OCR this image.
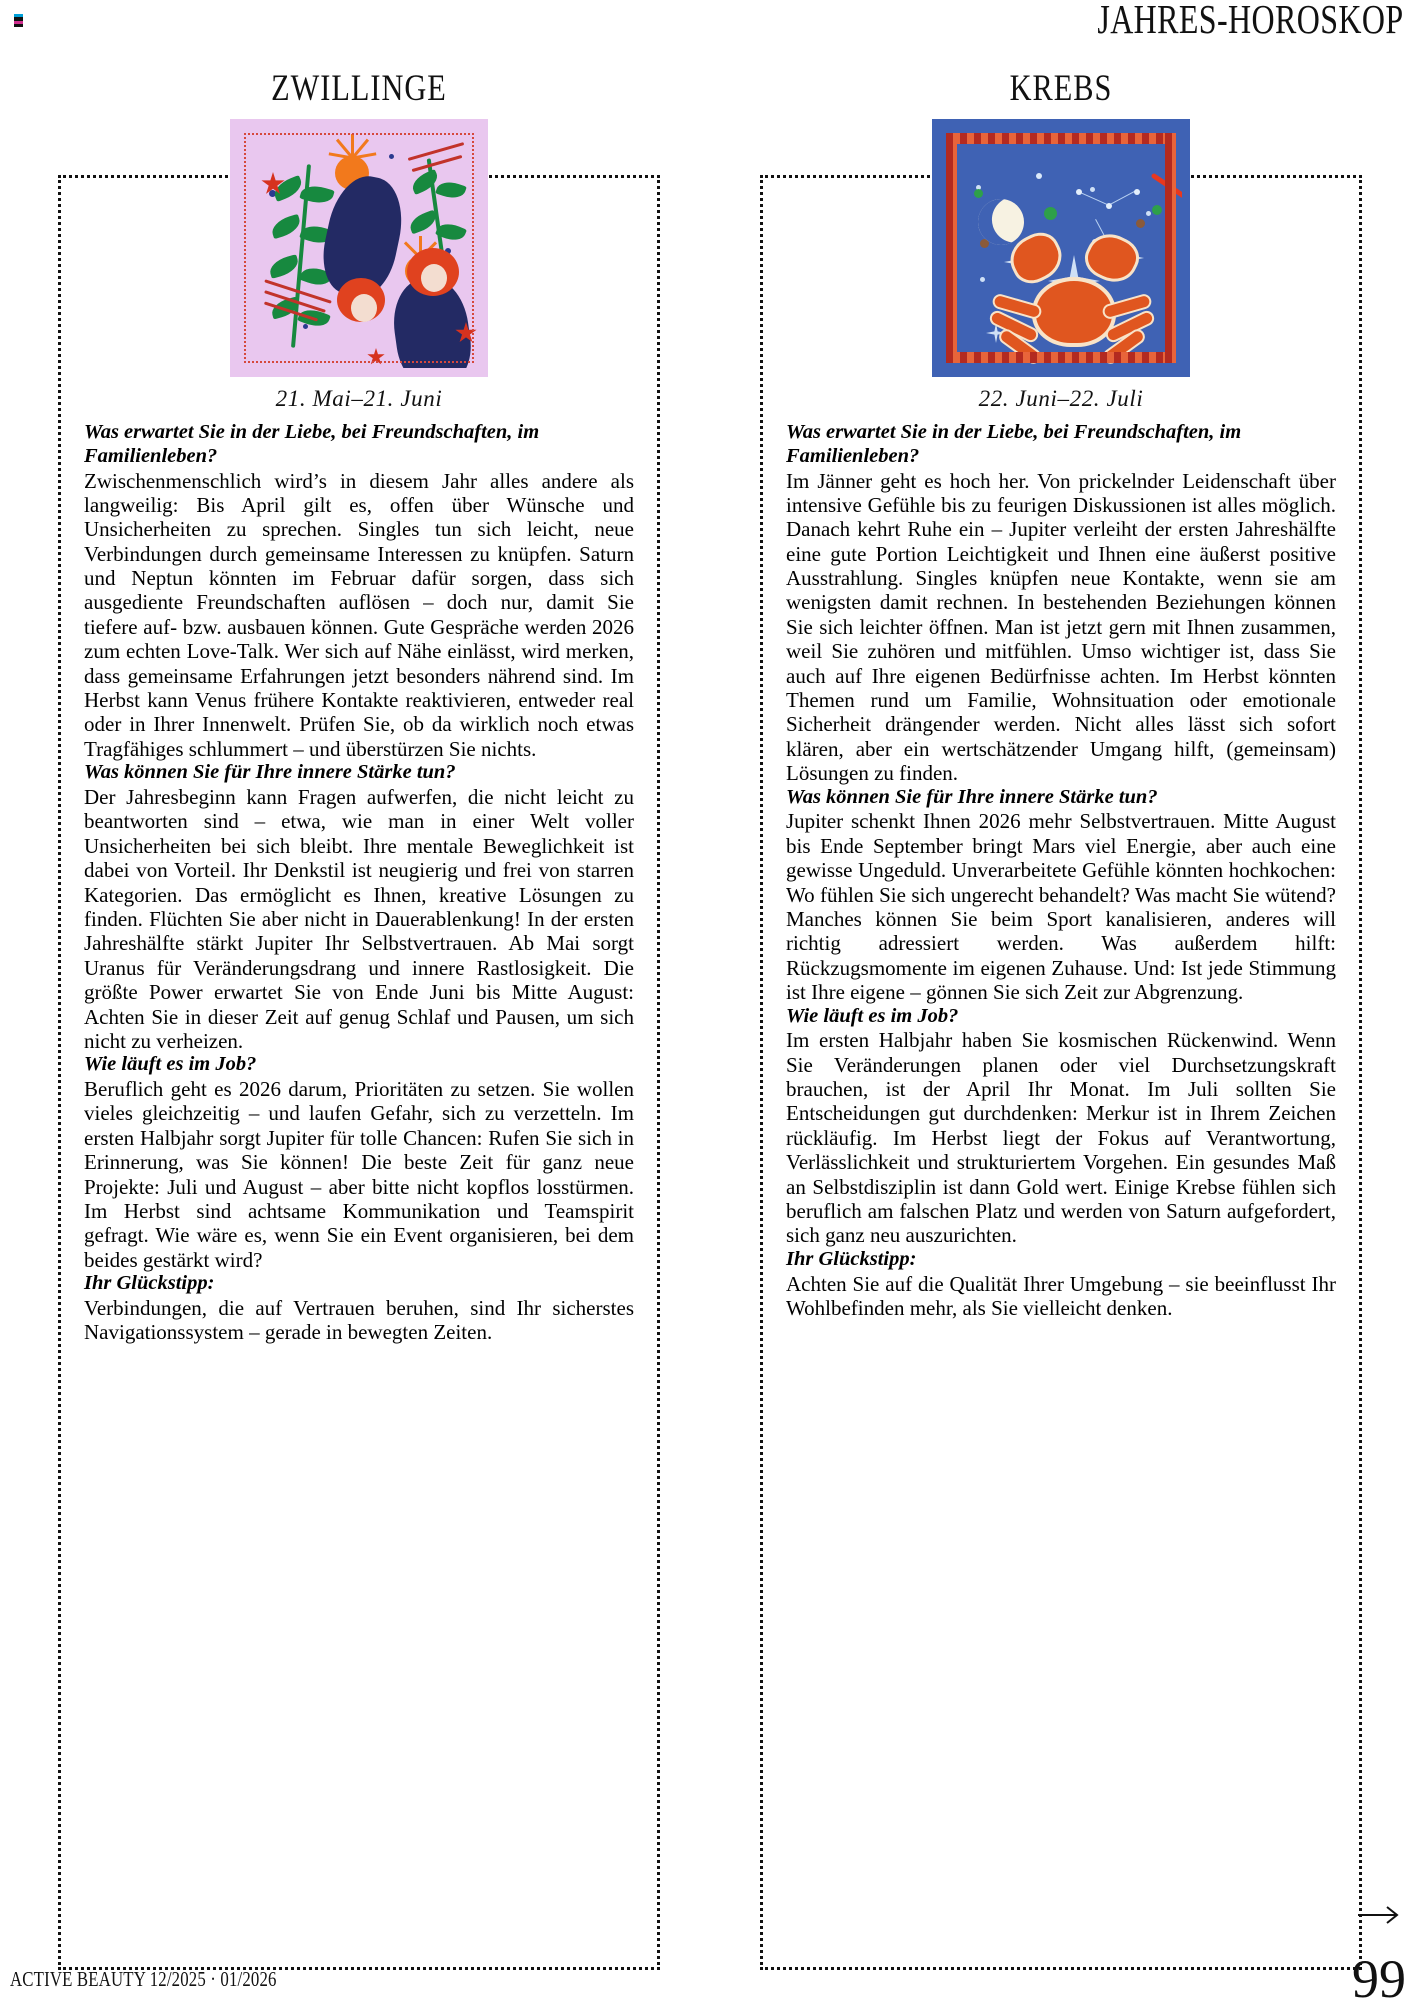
JAHRES-HOROSKOP
ZWILLINGE
21. Mai–21. Juni

Was erwartet Sie in der Liebe, bei Freundschaften, im Familienleben?

Zwischenmenschlich wird’s in diesem Jahr alles andere als langweilig: Bis April gilt es, offen über Wünsche und Unsicherheiten zu sprechen. Singles tun sich leicht, neue Verbindungen durch gemeinsame Interessen zu knüpfen. Saturn und Neptun könnten im Februar dafür sorgen, dass sich ausgediente Freundschaften auflösen – doch nur, damit Sie tiefere auf- bzw. ausbauen können. Gute Gespräche werden 2026 zum echten Love-Talk. Wer sich auf Nähe einlässt, wird merken, dass gemeinsame Erfahrungen jetzt besonders nährend sind. Im Herbst kann Venus frühere Kontakte reaktivieren, entweder real oder in Ihrer Innenwelt. Prüfen Sie, ob da wirklich noch etwas Tragfähiges schlummert – und überstürzen Sie nichts.

Was können Sie für Ihre innere Stärke tun?

Der Jahresbeginn kann Fragen aufwerfen, die nicht leicht zu beantworten sind – etwa, wie man in einer Welt voller Unsicherheiten bei sich bleibt. Ihre mentale Beweglichkeit ist dabei von Vorteil. Ihr Denkstil ist neugierig und frei von starren Kategorien. Das ermöglicht es Ihnen, kreative Lösungen zu finden. Flüchten Sie aber nicht in Dauerablenkung! In der ersten Jahreshälfte stärkt Jupiter Ihr Selbstvertrauen. Ab Mai sorgt Uranus für Veränderungsdrang und innere Rastlosigkeit. Die größte Power erwartet Sie von Ende Juni bis Mitte August: Achten Sie in dieser Zeit auf genug Schlaf und Pausen, um sich nicht zu verheizen.

Wie läuft es im Job?

Beruflich geht es 2026 darum, Prioritäten zu setzen. Sie wollen vieles gleichzeitig – und laufen Gefahr, sich zu verzetteln. Im ersten Halbjahr sorgt Jupiter für tolle Chancen: Rufen Sie sich in Erinnerung, was Sie können! Die beste Zeit für ganz neue Projekte: Juli und August – aber bitte nicht kopflos losstürmen. Im Herbst sind achtsame Kommunikation und Teamspirit gefragt. Wie wäre es, wenn Sie ein Event organisieren, bei dem beides gestärkt wird?

Ihr Glückstipp:

Verbindungen, die auf Vertrauen beruhen, sind Ihr sicherstes Navigationssystem – gerade in bewegten Zeiten.

KREBS
22. Juni–22. Juli

Was erwartet Sie in der Liebe, bei Freundschaften, im Familienleben?

Im Jänner geht es hoch her. Von prickelnder Leidenschaft über intensive Gefühle bis zu feurigen Diskussionen ist alles möglich. Danach kehrt Ruhe ein – Jupiter verleiht der ersten Jahreshälfte eine gute Portion Leichtigkeit und Ihnen eine äußerst positive Ausstrahlung. Singles knüpfen neue Kontakte, wenn sie am wenigsten damit rechnen. In bestehenden Beziehungen können Sie sich leichter öffnen. Man ist jetzt gern mit Ihnen zusammen, weil Sie zuhören und mitfühlen. Umso wichtiger ist, dass Sie auch auf Ihre eigenen Bedürfnisse achten. Im Herbst könnten Themen rund um Familie, Wohnsituation oder emotionale Sicherheit drängender werden. Nicht alles lässt sich sofort klären, aber ein wertschätzender Umgang hilft, (gemeinsam) Lösungen zu finden.

Was können Sie für Ihre innere Stärke tun?

Jupiter schenkt Ihnen 2026 mehr Selbstvertrauen. Mitte August bis Ende September bringt Mars viel Energie, aber auch eine gewisse Ungeduld. Unverarbeitete Gefühle könnten hochkochen: Wo fühlen Sie sich ungerecht behandelt? Was macht Sie wütend? Manches können Sie beim Sport kanalisieren, anderes will richtig adressiert werden. Was außerdem hilft: Rückzugsmomente im eigenen Zuhause. Und: Ist jede Stimmung ist Ihre eigene – gönnen Sie sich Zeit zur Abgrenzung.

Wie läuft es im Job?

Im ersten Halbjahr haben Sie kosmischen Rückenwind. Wenn Sie Veränderungen planen oder viel Durchsetzungskraft brauchen, ist der April Ihr Monat. Im Juli sollten Sie Entscheidungen gut durchdenken: Merkur ist in Ihrem Zeichen rückläufig. Im Herbst liegt der Fokus auf Verantwortung, Verlässlichkeit und strukturiertem Vorgehen. Ein gesundes Maß an Selbstdisziplin ist dann Gold wert. Einige Krebse fühlen sich beruflich am falschen Platz und werden von Saturn aufgefordert, sich ganz neu auszurichten.

Ihr Glückstipp:

Achten Sie auf die Qualität Ihrer Umgebung – sie beeinflusst Ihr Wohlbefinden mehr, als Sie vielleicht denken.

ACTIVE BEAUTY 12/2025 · 01/2026	99
